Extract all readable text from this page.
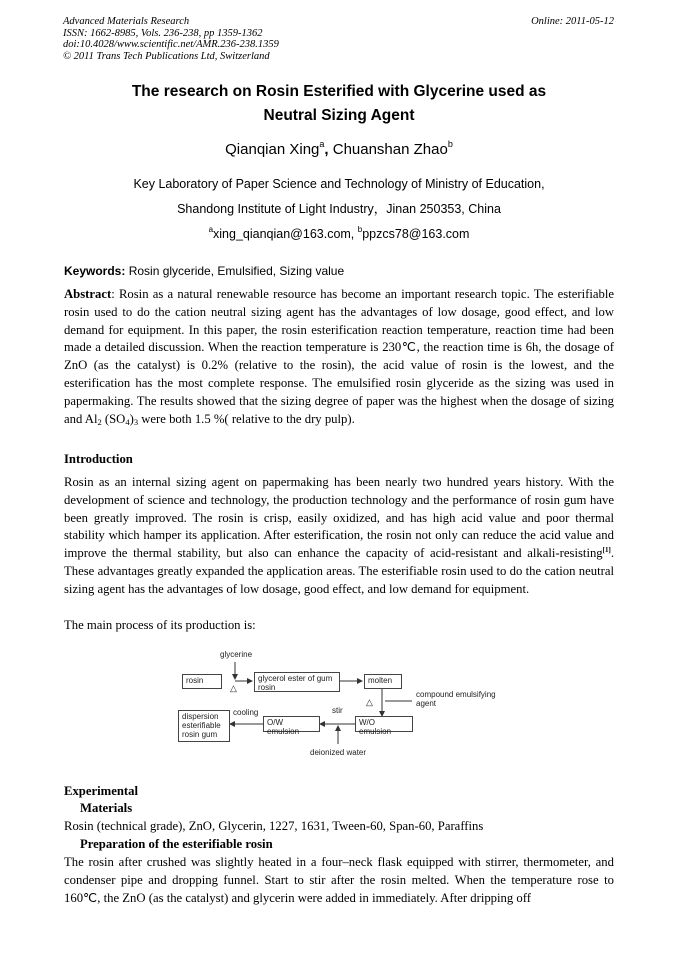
Advanced Materials Research
ISSN: 1662-8985, Vols. 236-238, pp 1359-1362
doi:10.4028/www.scientific.net/AMR.236-238.1359
© 2011 Trans Tech Publications Ltd, Switzerland
Online: 2011-05-12
The research on Rosin Esterified with Glycerine used as
Neutral Sizing Agent
Qianqian Xing$^a$, Chuanshan Zhao$^b$
Key Laboratory of Paper Science and Technology of Ministry of Education,
Shandong Institute of Light Industry，Jinan 250353, China
$^a$xing_qianqian@163.com, $^b$ppzcs78@163.com
Keywords: Rosin glyceride, Emulsified, Sizing value

Abstract: Rosin as a natural renewable resource has become an important research topic. The esterifiable rosin used to do the cation neutral sizing agent has the advantages of low dosage, good effect, and low demand for equipment. In this paper, the rosin esterification reaction temperature, reaction time had been made a detailed discussion. When the reaction temperature is 230℃, the reaction time is 6h, the dosage of ZnO (as the catalyst) is 0.2% (relative to the rosin), the acid value of rosin is the lowest, and the esterification has the most complete response. The emulsified rosin glyceride as the sizing was used in papermaking. The results showed that the sizing degree of paper was the highest when the dosage of sizing and $Al_2$ $(SO_4)_3$ were both 1.5 %( relative to the dry pulp).

Introduction

Rosin as an internal sizing agent on papermaking has been nearly two hundred years history. With the development of science and technology, the production technology and the performance of rosin gum have been greatly improved. The rosin is crisp, easily oxidized, and has high acid value and poor thermal stability which hamper its application. After esterification, the rosin not only can reduce the acid value and improve the thermal stability, but also can enhance the capacity of acid-resistant and alkali-resisting[1]. These advantages greatly expanded the application areas. The esterifiable rosin used to do the cation neutral sizing agent has the advantages of low dosage, good effect, and low demand for equipment.

The main process of its production is:

glycerine
rosin
△
glycerol ester of gum rosin
molten
compound emulsifying agent
△
stir
W/O emulsion
O/W emulsion
cooling
dispersion esterifiable rosin gum
deionized water
Experimental
Materials

Rosin (technical grade), ZnO, Glycerin, 1227, 1631, Tween-60, Span-60, Paraffins

Preparation of the esterifiable rosin

The rosin after crushed was slightly heated in a four–neck flask equipped with stirrer, thermometer, and condenser pipe and dropping funnel. Start to stir after the rosin melted. When the temperature rose to 160℃, the ZnO (as the catalyst) and glycerin were added in immediately. After dripping off
